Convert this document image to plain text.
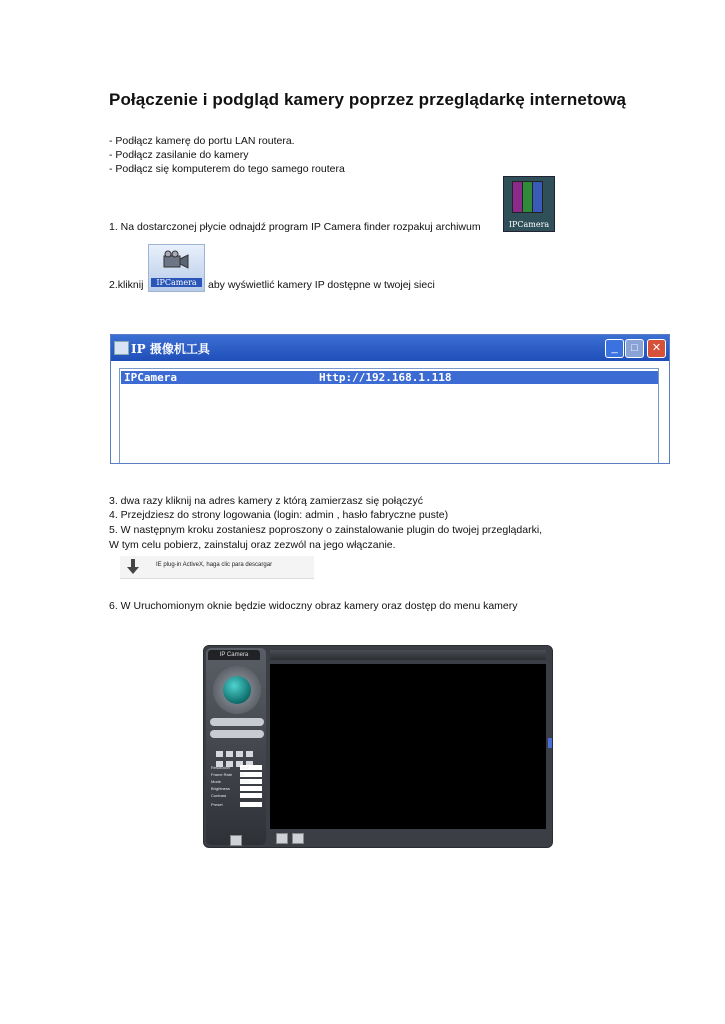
Połączenie i podgląd kamery poprzez przeglądarkę internetową
- Podłącz kamerę do portu LAN routera.
- Podłącz zasilanie do kamery
- Podłącz się komputerem do tego samego routera
1. Na dostarczonej płycie odnajdź program IP Camera finder rozpakuj archiwum	IPCamera
2.kliknij	IPCamera	aby wyświetlić kamery IP dostępne w twojej sieci
IP 摄像机工具	_	□	✕
IPCamera	Http://192.168.1.118
3. dwa razy kliknij na adres kamery z którą zamierzasz się połączyć
4. Przejdziesz do strony logowania (login: admin , hasło fabryczne puste)
5. W następnym kroku zostaniesz poproszony o zainstalowanie plugin do twojej przeglądarki,
W tym celu pobierz, zainstaluj oraz zezwól na jego włączanie.
IE plug-in ActiveX, haga clic para descargar
6. W Uruchomionym oknie będzie widoczny obraz kamery oraz dostęp do menu kamery
IP Camera
Resolution	720P
Frame Rate 30
Mode	50Hz
Brightness
Contrast
Preset	1
